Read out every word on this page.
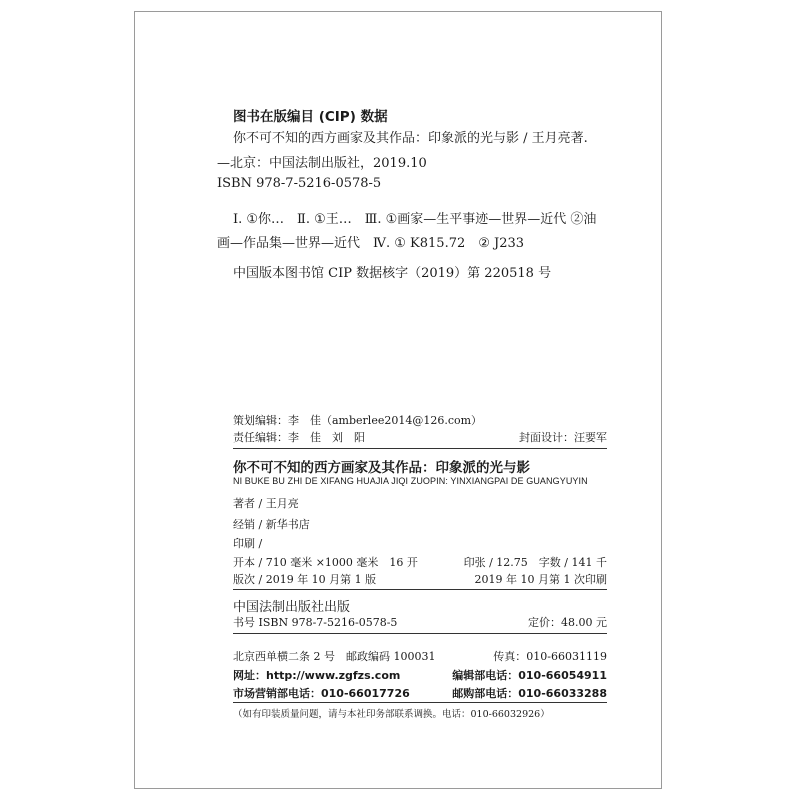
图书在版编目 (CIP) 数据
你不可不知的西方画家及其作品：印象派的光与影 / 王月亮著.
—北京：中国法制出版社，2019.10
ISBN 978-7-5216-0578-5
Ⅰ. ①你…　Ⅱ. ①王…　Ⅲ. ①画家—生平事迹—世界—近代 ②油
画—作品集—世界—近代　Ⅳ. ① K815.72　② J233
中国版本图书馆 CIP 数据核字（2019）第 220518 号
策划编辑：李　佳（amberlee2014@126.com）
责任编辑：李　佳　刘　阳	封面设计：汪要军
你不可不知的西方画家及其作品：印象派的光与影
NI BUKE BU ZHI DE XIFANG HUAJIA JIQI ZUOPIN: YINXIANGPAI DE GUANGYUYIN
著者 / 王月亮
经销 / 新华书店
印刷 /
开本 / 710 毫米 ×1000 毫米　16 开	印张 / 12.75　字数 / 141 千
版次 / 2019 年 10 月第 1 版	2019 年 10 月第 1 次印刷
中国法制出版社出版
书号 ISBN 978-7-5216-0578-5	定价：48.00 元
北京西单横二条 2 号　邮政编码 100031	传真：010-66031119
网址：http://www.zgfzs.com	编辑部电话：010-66054911
市场营销部电话：010-66017726	邮购部电话：010-66033288
（如有印装质量问题，请与本社印务部联系调换。电话：010-66032926）
